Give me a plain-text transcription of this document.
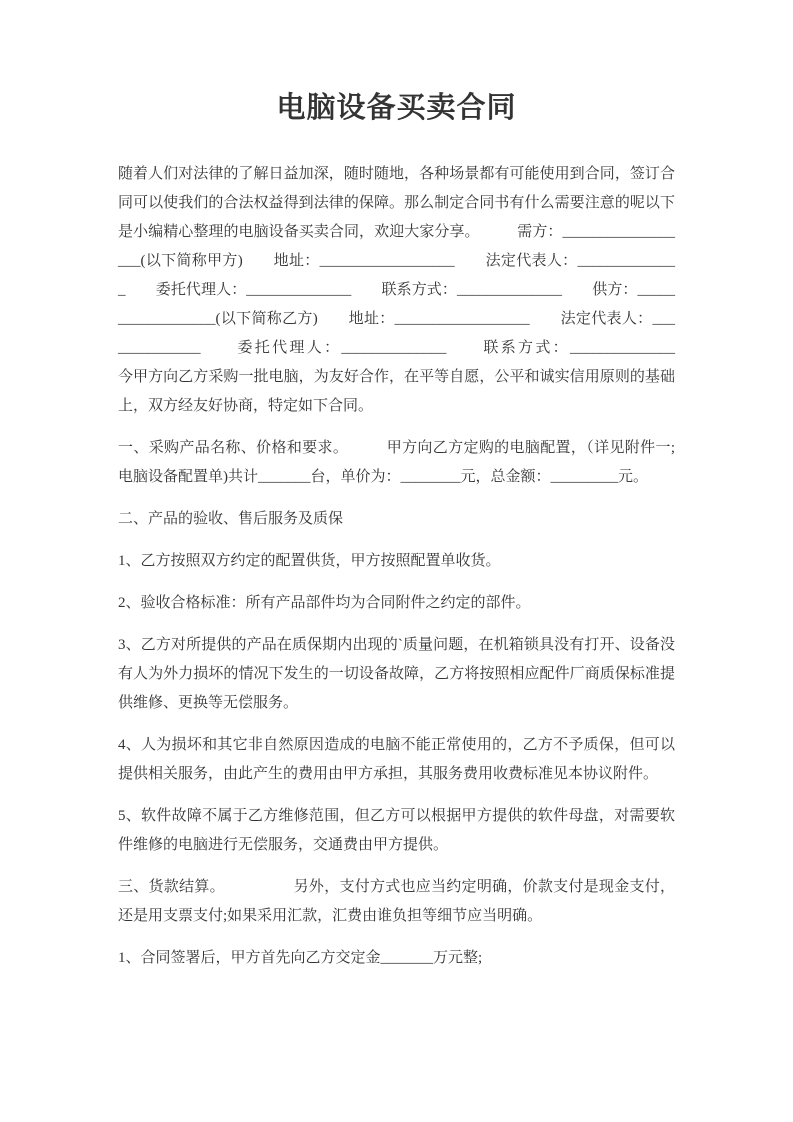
电脑设备买卖合同

随着人们对法律的了解日益加深，随时随地，各种场景都有可能使用到合同，签订合同可以使我们的合法权益得到法律的保障。那么制定合同书有什么需要注意的呢以下是小编精心整理的电脑设备买卖合同，欢迎大家分享。　　　需方：__________________(以下简称甲方)　　地址：__________________　　法定代表人：______________　　委托代理人：______________　　联系方式：______________　　供方：__________________(以下简称乙方)　　地址：__________________　　法定代表人：______________　　委托代理人：______________　　联系方式：______________　　今甲方向乙方采购一批电脑，为友好合作，在平等自愿，公平和诚实信用原则的基础上，双方经友好协商，特定如下合同。

一、采购产品名称、价格和要求。　　　甲方向乙方定购的电脑配置，（详见附件一;电脑设备配置单)共计_______台，单价为：________元，总金额：_________元。

二、产品的验收、售后服务及质保

1、乙方按照双方约定的配置供货，甲方按照配置单收货。

2、验收合格标准：所有产品部件均为合同附件之约定的部件。

3、乙方对所提供的产品在质保期内出现的`质量问题，在机箱锁具没有打开、设备没有人为外力损坏的情况下发生的一切设备故障，乙方将按照相应配件厂商质保标准提供维修、更换等无偿服务。

4、人为损坏和其它非自然原因造成的电脑不能正常使用的，乙方不予质保，但可以提供相关服务，由此产生的费用由甲方承担，其服务费用收费标准见本协议附件。

5、软件故障不属于乙方维修范围，但乙方可以根据甲方提供的软件母盘，对需要软件维修的电脑进行无偿服务，交通费由甲方提供。

三、货款结算。　　　　　另外，支付方式也应当约定明确，价款支付是现金支付，还是用支票支付;如果采用汇款，汇费由谁负担等细节应当明确。

1、合同签署后，甲方首先向乙方交定金_______万元整;
